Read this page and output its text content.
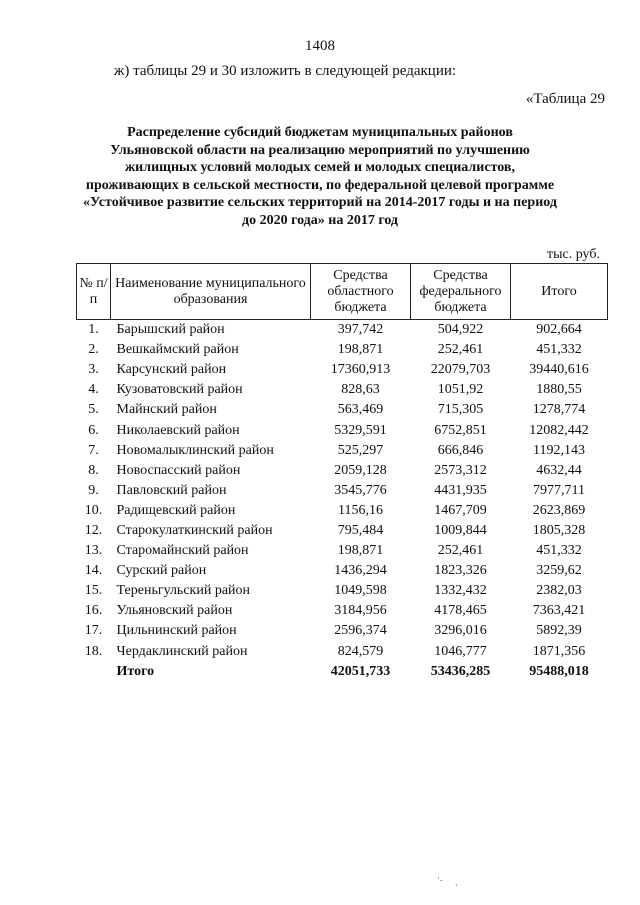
1408
ж) таблицы 29 и 30 изложить в следующей редакции:
«Таблица 29
Распределение субсидий бюджетам муниципальных районов
Ульяновской области на реализацию мероприятий по улучшению
жилищных условий молодых семей и молодых специалистов,
проживающих в сельской местности, по федеральной целевой программе
«Устойчивое развитие сельских территорий на 2014-2017 годы и на период
до 2020 года» на 2017 год
тыс. руб.
№ п/п	Наименование муниципального образования	Средства областного бюджета	Средства федерального бюджета	Итого
1.	Барышский район	397,742	504,922	902,664
2.	Вешкаймский район	198,871	252,461	451,332
3.	Карсунский район	17360,913	22079,703	39440,616
4.	Кузоватовский район	828,63	1051,92	1880,55
5.	Майнский район	563,469	715,305	1278,774
6.	Николаевский район	5329,591	6752,851	12082,442
7.	Новомалыклинский район	525,297	666,846	1192,143
8.	Новоспасский район	2059,128	2573,312	4632,44
9.	Павловский район	3545,776	4431,935	7977,711
10.	Радищевский район	1156,16	1467,709	2623,869
12.	Старокулаткинский район	795,484	1009,844	1805,328
13.	Старомайнский район	198,871	252,461	451,332
14.	Сурский район	1436,294	1823,326	3259,62
15.	Тереньгульский район	1049,598	1332,432	2382,03
16.	Ульяновский район	3184,956	4178,465	7363,421
17.	Цильнинский район	2596,374	3296,016	5892,39
18.	Чердаклинский район	824,579	1046,777	1871,356
	Итого	42051,733	53436,285	95488,018
·.
`
